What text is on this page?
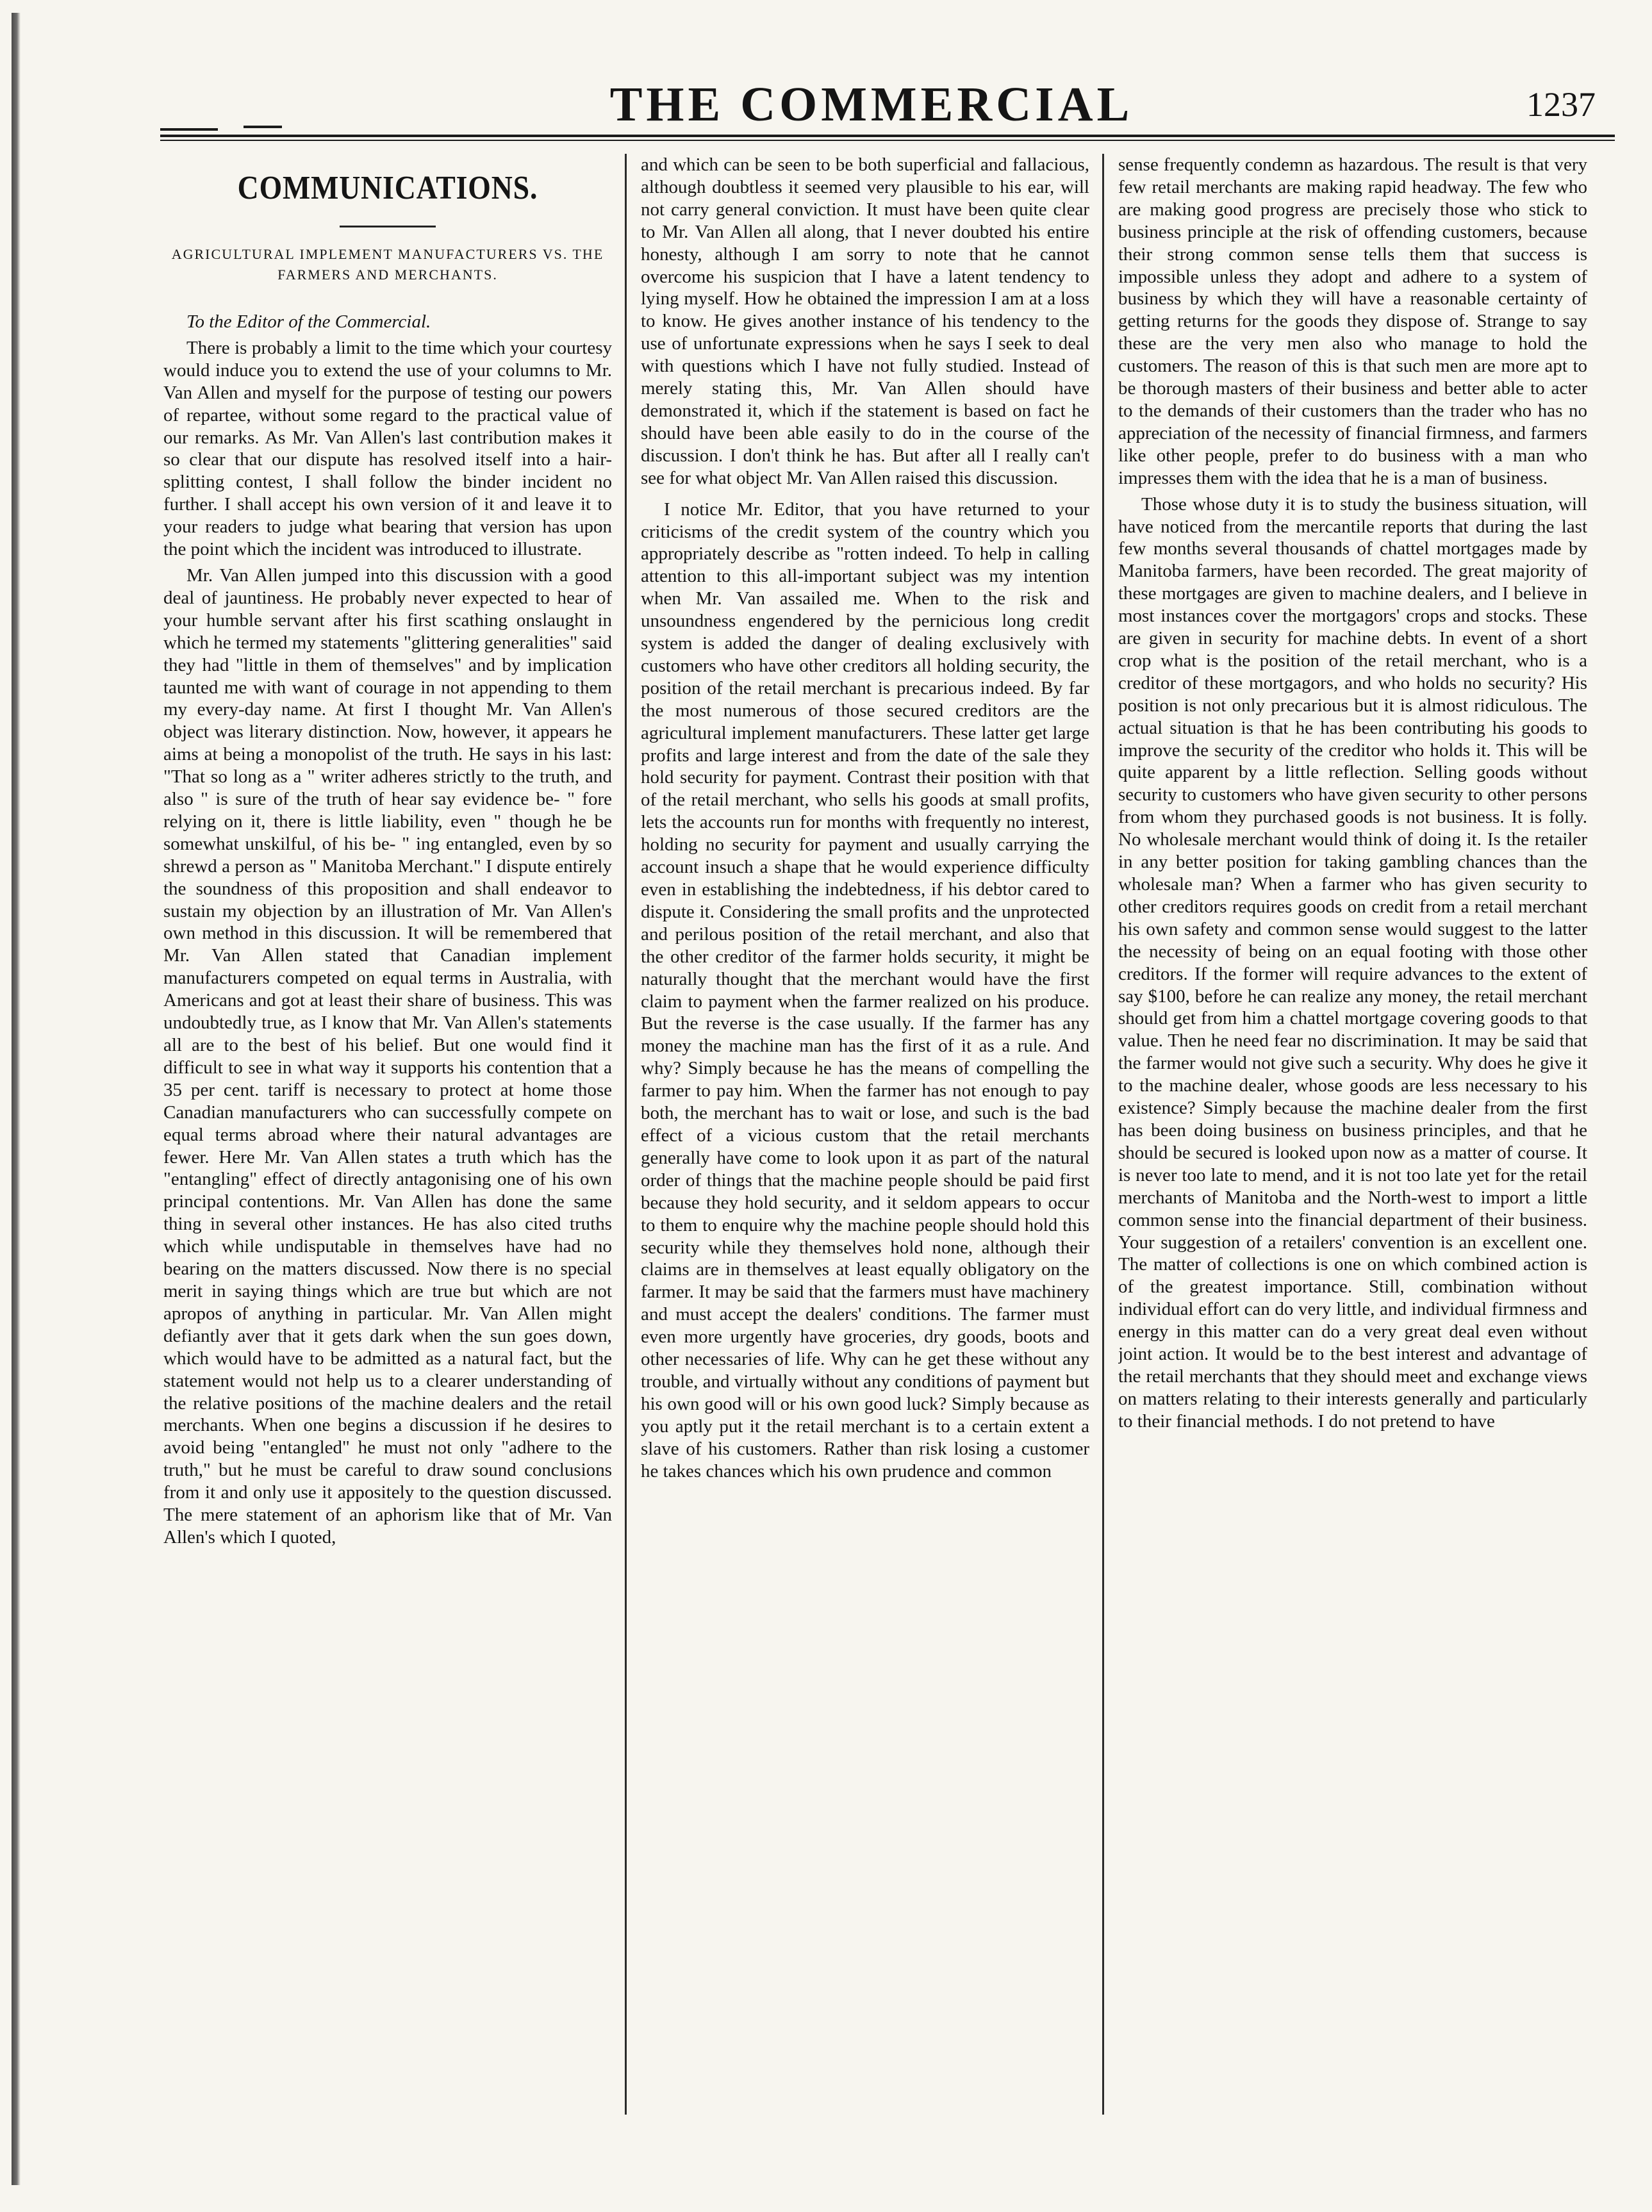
THE COMMERCIAL	1237
COMMUNICATIONS.
AGRICULTURAL IMPLEMENT MANUFACTURERS VS. THE FARMERS AND MERCHANTS.

To the Editor of the Commercial.

There is probably a limit to the time which your courtesy would induce you to extend the use of your columns to Mr. Van Allen and myself for the purpose of testing our powers of repartee, without some regard to the practical value of our remarks. As Mr. Van Allen's last contribution makes it so clear that our dispute has resolved itself into a hair-splitting contest, I shall follow the binder incident no further. I shall accept his own version of it and leave it to your readers to judge what bearing that version has upon the point which the incident was introduced to illustrate.

Mr. Van Allen jumped into this discussion with a good deal of jauntiness. He probably never expected to hear of your humble servant after his first scathing onslaught in which he termed my statements "glittering generalities" said they had "little in them of themselves" and by implication taunted me with want of courage in not appending to them my every-day name. At first I thought Mr. Van Allen's object was literary distinction. Now, however, it appears he aims at being a monopolist of the truth. He says in his last: "That so long as a " writer adheres strictly to the truth, and also " is sure of the truth of hear say evidence be- " fore relying on it, there is little liability, even " though he be somewhat unskilful, of his be- " ing entangled, even by so shrewd a person as " Manitoba Merchant." I dispute entirely the soundness of this proposition and shall endeavor to sustain my objection by an illustration of Mr. Van Allen's own method in this discussion. It will be remembered that Mr. Van Allen stated that Canadian implement manufacturers competed on equal terms in Australia, with Americans and got at least their share of business. This was undoubtedly true, as I know that Mr. Van Allen's statements all are to the best of his belief. But one would find it difficult to see in what way it supports his contention that a 35 per cent. tariff is necessary to protect at home those Canadian manufacturers who can successfully compete on equal terms abroad where their natural advantages are fewer. Here Mr. Van Allen states a truth which has the "entangling" effect of directly antagonising one of his own principal contentions. Mr. Van Allen has done the same thing in several other instances. He has also cited truths which while undisputable in themselves have had no bearing on the matters discussed. Now there is no special merit in saying things which are true but which are not apropos of anything in particular. Mr. Van Allen might defiantly aver that it gets dark when the sun goes down, which would have to be admitted as a natural fact, but the statement would not help us to a clearer understanding of the relative positions of the machine dealers and the retail merchants. When one begins a discussion if he desires to avoid being "entangled" he must not only "adhere to the truth," but he must be careful to draw sound conclusions from it and only use it appositely to the question discussed. The mere statement of an aphorism like that of Mr. Van Allen's which I quoted,

and which can be seen to be both superficial and fallacious, although doubtless it seemed very plausible to his ear, will not carry general conviction. It must have been quite clear to Mr. Van Allen all along, that I never doubted his entire honesty, although I am sorry to note that he cannot overcome his suspicion that I have a latent tendency to lying myself. How he obtained the impression I am at a loss to know. He gives another instance of his tendency to the use of unfortunate expressions when he says I seek to deal with questions which I have not fully studied. Instead of merely stating this, Mr. Van Allen should have demonstrated it, which if the statement is based on fact he should have been able easily to do in the course of the discussion. I don't think he has. But after all I really can't see for what object Mr. Van Allen raised this discussion.

I notice Mr. Editor, that you have returned to your criticisms of the credit system of the country which you appropriately describe as "rotten indeed. To help in calling attention to this all-important subject was my intention when Mr. Van assailed me. When to the risk and unsoundness engendered by the pernicious long credit system is added the danger of dealing exclusively with customers who have other creditors all holding security, the position of the retail merchant is precarious indeed. By far the most numerous of those secured creditors are the agricultural implement manufacturers. These latter get large profits and large interest and from the date of the sale they hold security for payment. Contrast their position with that of the retail merchant, who sells his goods at small profits, lets the accounts run for months with frequently no interest, holding no security for payment and usually carrying the account insuch a shape that he would experience difficulty even in establishing the indebtedness, if his debtor cared to dispute it. Considering the small profits and the unprotected and perilous position of the retail merchant, and also that the other creditor of the farmer holds security, it might be naturally thought that the merchant would have the first claim to payment when the farmer realized on his produce. But the reverse is the case usually. If the farmer has any money the machine man has the first of it as a rule. And why? Simply because he has the means of compelling the farmer to pay him. When the farmer has not enough to pay both, the merchant has to wait or lose, and such is the bad effect of a vicious custom that the retail merchants generally have come to look upon it as part of the natural order of things that the machine people should be paid first because they hold security, and it seldom appears to occur to them to enquire why the machine people should hold this security while they themselves hold none, although their claims are in themselves at least equally obligatory on the farmer. It may be said that the farmers must have machinery and must accept the dealers' conditions. The farmer must even more urgently have groceries, dry goods, boots and other necessaries of life. Why can he get these without any trouble, and virtually without any conditions of payment but his own good will or his own good luck? Simply because as you aptly put it the retail merchant is to a certain extent a slave of his customers. Rather than risk losing a customer he takes chances which his own prudence and common

sense frequently condemn as hazardous. The result is that very few retail merchants are making rapid headway. The few who are making good progress are precisely those who stick to business principle at the risk of offending customers, because their strong common sense tells them that success is impossible unless they adopt and adhere to a system of business by which they will have a reasonable certainty of getting returns for the goods they dispose of. Strange to say these are the very men also who manage to hold the customers. The reason of this is that such men are more apt to be thorough masters of their business and better able to acter to the demands of their customers than the trader who has no appreciation of the necessity of financial firmness, and farmers like other people, prefer to do business with a man who impresses them with the idea that he is a man of business.

Those whose duty it is to study the business situation, will have noticed from the mercantile reports that during the last few months several thousands of chattel mortgages made by Manitoba farmers, have been recorded. The great majority of these mortgages are given to machine dealers, and I believe in most instances cover the mortgagors' crops and stocks. These are given in security for machine debts. In event of a short crop what is the position of the retail merchant, who is a creditor of these mortgagors, and who holds no security? His position is not only precarious but it is almost ridiculous. The actual situation is that he has been contributing his goods to improve the security of the creditor who holds it. This will be quite apparent by a little reflection. Selling goods without security to customers who have given security to other persons from whom they purchased goods is not business. It is folly. No wholesale merchant would think of doing it. Is the retailer in any better position for taking gambling chances than the wholesale man? When a farmer who has given security to other creditors requires goods on credit from a retail merchant his own safety and common sense would suggest to the latter the necessity of being on an equal footing with those other creditors. If the former will require advances to the extent of say $100, before he can realize any money, the retail merchant should get from him a chattel mortgage covering goods to that value. Then he need fear no discrimination. It may be said that the farmer would not give such a security. Why does he give it to the machine dealer, whose goods are less necessary to his existence? Simply because the machine dealer from the first has been doing business on business principles, and that he should be secured is looked upon now as a matter of course. It is never too late to mend, and it is not too late yet for the retail merchants of Manitoba and the North-west to import a little common sense into the financial department of their business. Your suggestion of a retailers' convention is an excellent one. The matter of collections is one on which combined action is of the greatest importance. Still, combination without individual effort can do very little, and individual firmness and energy in this matter can do a very great deal even without joint action. It would be to the best interest and advantage of the retail merchants that they should meet and exchange views on matters relating to their interests generally and particularly to their financial methods. I do not pretend to have
